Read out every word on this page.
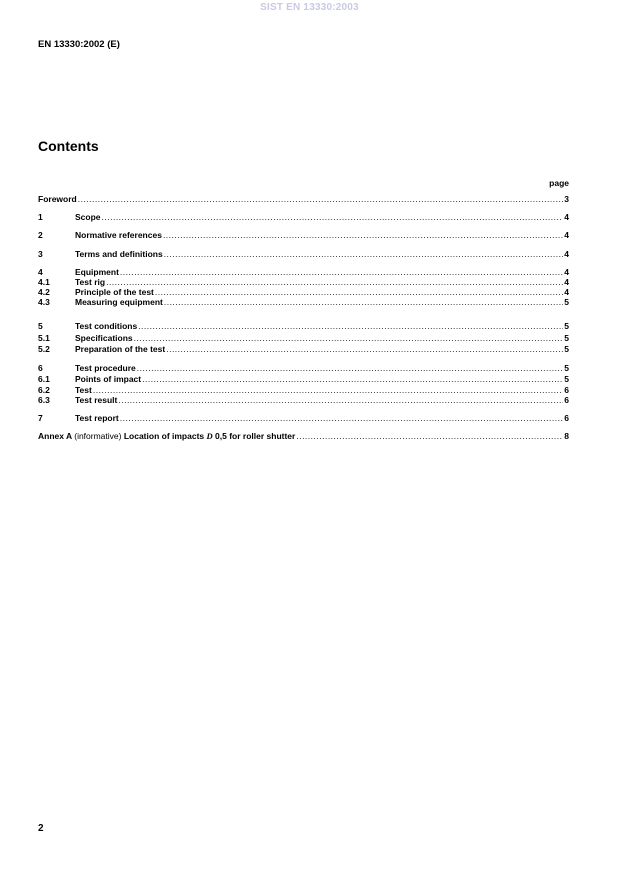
SIST EN 13330:2003
EN 13330:2002 (E)
Contents
page
Foreword .....	3
1	Scope .....	4
2	Normative references .....	4
3	Terms and definitions .....	4
4	Equipment .....	4
4.1	Test rig .....	4
4.2	Principle of the test .....	4
4.3	Measuring equipment .....	5
5	Test conditions .....	5
5.1	Specifications .....	5
5.2	Preparation of the test .....	5
6	Test procedure .....	5
6.1	Points of impact .....	5
6.2	Test .....	6
6.3	Test result .....	6
7	Test report .....	6
Annex A (informative) Location of impacts D 0,5 for roller shutter .....	8
2
